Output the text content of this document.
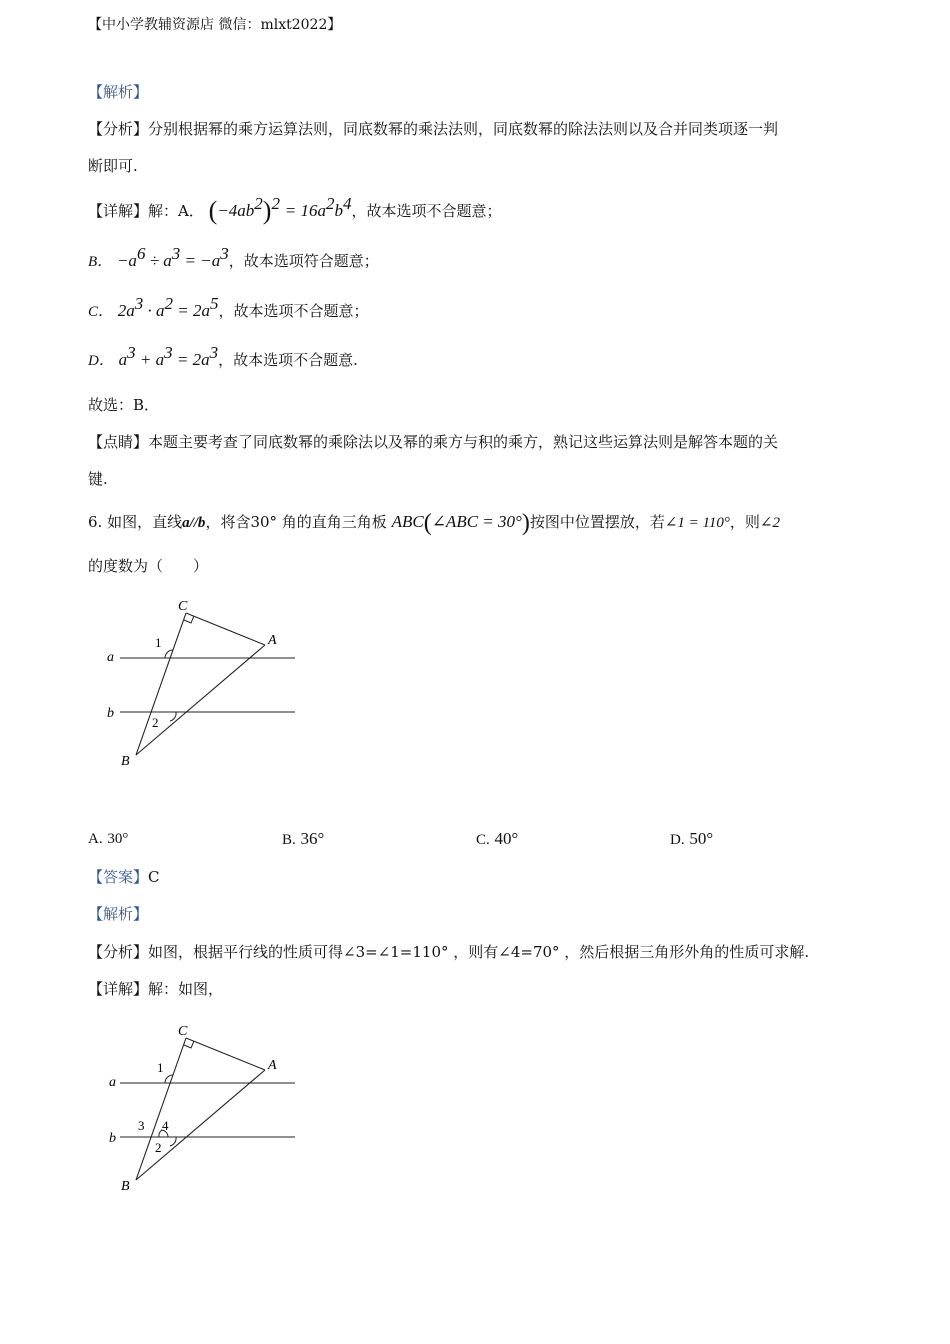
【中小学教辅资源店 微信：mlxt2022】
【解析】
【分析】分别根据幂的乘方运算法则，同底数幂的乘法法则，同底数幂的除法法则以及合并同类项逐一判
断即可.
【详解】解：A． $(-4ab^2)^2 = 16a^2b^4$，故本选项不合题意；
B． $-a^6 \div a^3 = -a^3$，故本选项符合题意；
C． $2a^3 \cdot a^2 = 2a^5$，故本选项不合题意；
D． $a^3 + a^3 = 2a^3$，故本选项不合题意.
故选：B．
【点睛】本题主要考查了同底数幂的乘除法以及幂的乘方与积的乘方，熟记这些运算法则是解答本题的关
键.
6. 如图，直线a//b，将含30° 角的直角三角板 ABC(∠ABC = 30°)按图中位置摆放，若∠1 = 110°，则∠2
的度数为（　　）
C
A
B
a
b
1
2
A. 30°	B. 36°	C. 40°	D. 50°
【答案】C
【解析】
【分析】如图，根据平行线的性质可得∠3=∠1=110° ，则有∠4=70° ，然后根据三角形外角的性质可求解.
【详解】解：如图，
C
A
B
a
b
1
2
3 4
